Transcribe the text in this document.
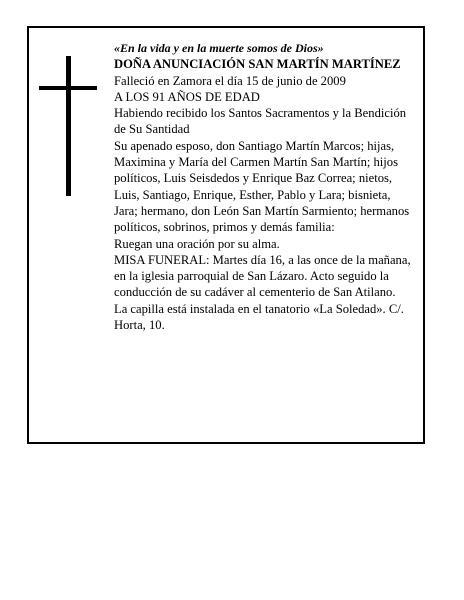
«En la vida y en la muerte somos de Dios»

DOÑA ANUNCIACIÓN SAN MARTÍN MARTÍNEZ

Falleció en Zamora el día 15 de junio de 2009

A LOS 91 AÑOS DE EDAD

Habiendo recibido los Santos Sacramentos y la Bendición de Su Santidad

Su apenado esposo, don Santiago Martín Marcos; hijas, Maximina y María del Carmen Martín San Martín; hijos políticos, Luis Seisdedos y Enrique Baz Correa; nietos, Luis, Santiago, Enrique, Esther, Pablo y Lara; bisnieta, Jara; hermano, don León San Martín Sarmiento; hermanos políticos, sobrinos, primos y demás familia:

Ruegan una oración por su alma.

MISA FUNERAL: Martes día 16, a las once de la mañana, en la iglesia parroquial de San Lázaro. Acto seguido la conducción de su cadáver al cementerio de San Atilano.

La capilla está instalada en el tanatorio «La Soledad». C/. Horta, 10.
